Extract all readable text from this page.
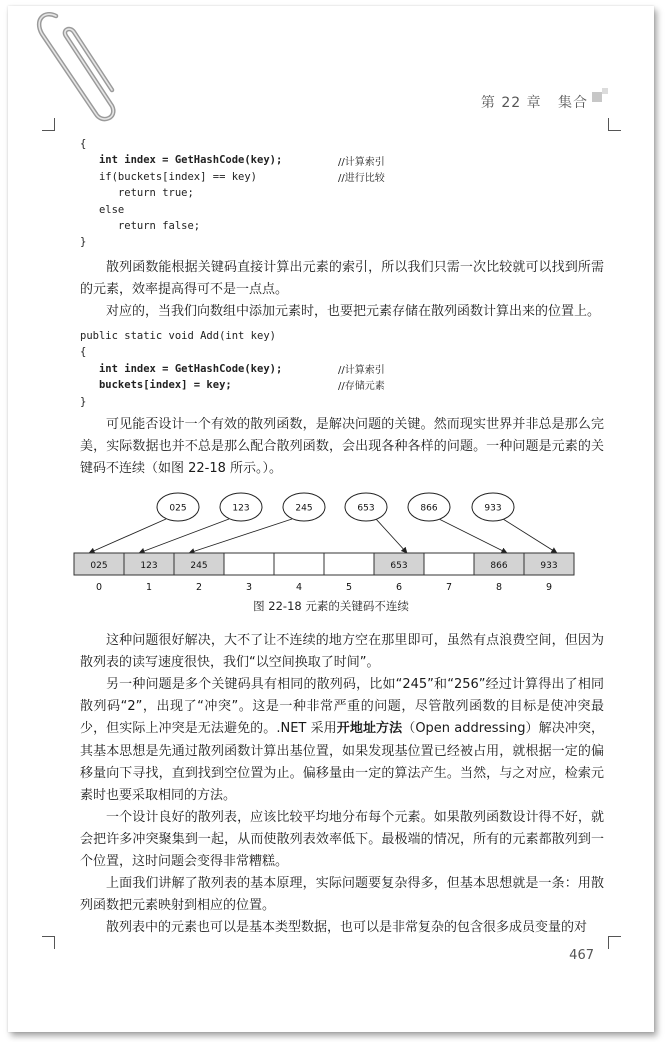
第 22 章 集合
{
int index = GetHashCode(key);
if(buckets[index] == key)
return true;
else
return false;
}
//计算索引
//进行比较
散列函数能根据关键码直接计算出元素的索引，所以我们只需一次比较就可以找到所需的元素，效率提高得可不是一点点。
对应的，当我们向数组中添加元素时，也要把元素存储在散列函数计算出来的位置上。
public static void Add(int key)
{
int index = GetHashCode(key);
buckets[index] = key;
}
//计算索引
//存储元素
可见能否设计一个有效的散列函数，是解决问题的关键。然而现实世界并非总是那么完美，实际数据也并不总是那么配合散列函数，会出现各种各样的问题。一种问题是元素的关键码不连续（如图 22-18 所示。）。
025	123	245	653	866	933
025	123	245	653	866	933
0	1	2	3	4	5	6	7	8	9
图 22-18 元素的关键码不连续
这种问题很好解决，大不了让不连续的地方空在那里即可，虽然有点浪费空间，但因为散列表的读写速度很快，我们“以空间换取了时间”。
另一种问题是多个关键码具有相同的散列码，比如“245”和“256”经过计算得出了相同散列码“2”，出现了“冲突”。这是一种非常严重的问题，尽管散列函数的目标是使冲突最少，但实际上冲突是无法避免的。.NET 采用开地址方法（Open addressing）解决冲突，其基本思想是先通过散列函数计算出基位置，如果发现基位置已经被占用，就根据一定的偏移量向下寻找，直到找到空位置为止。偏移量由一定的算法产生。当然，与之对应，检索元素时也要采取相同的方法。
一个设计良好的散列表，应该比较平均地分布每个元素。如果散列函数设计得不好，就会把许多冲突聚集到一起，从而使散列表效率低下。最极端的情况，所有的元素都散列到一个位置，这时问题会变得非常糟糕。
上面我们讲解了散列表的基本原理，实际问题要复杂得多，但基本思想就是一条：用散列函数把元素映射到相应的位置。
散列表中的元素也可以是基本类型数据，也可以是非常复杂的包含很多成员变量的对
467
